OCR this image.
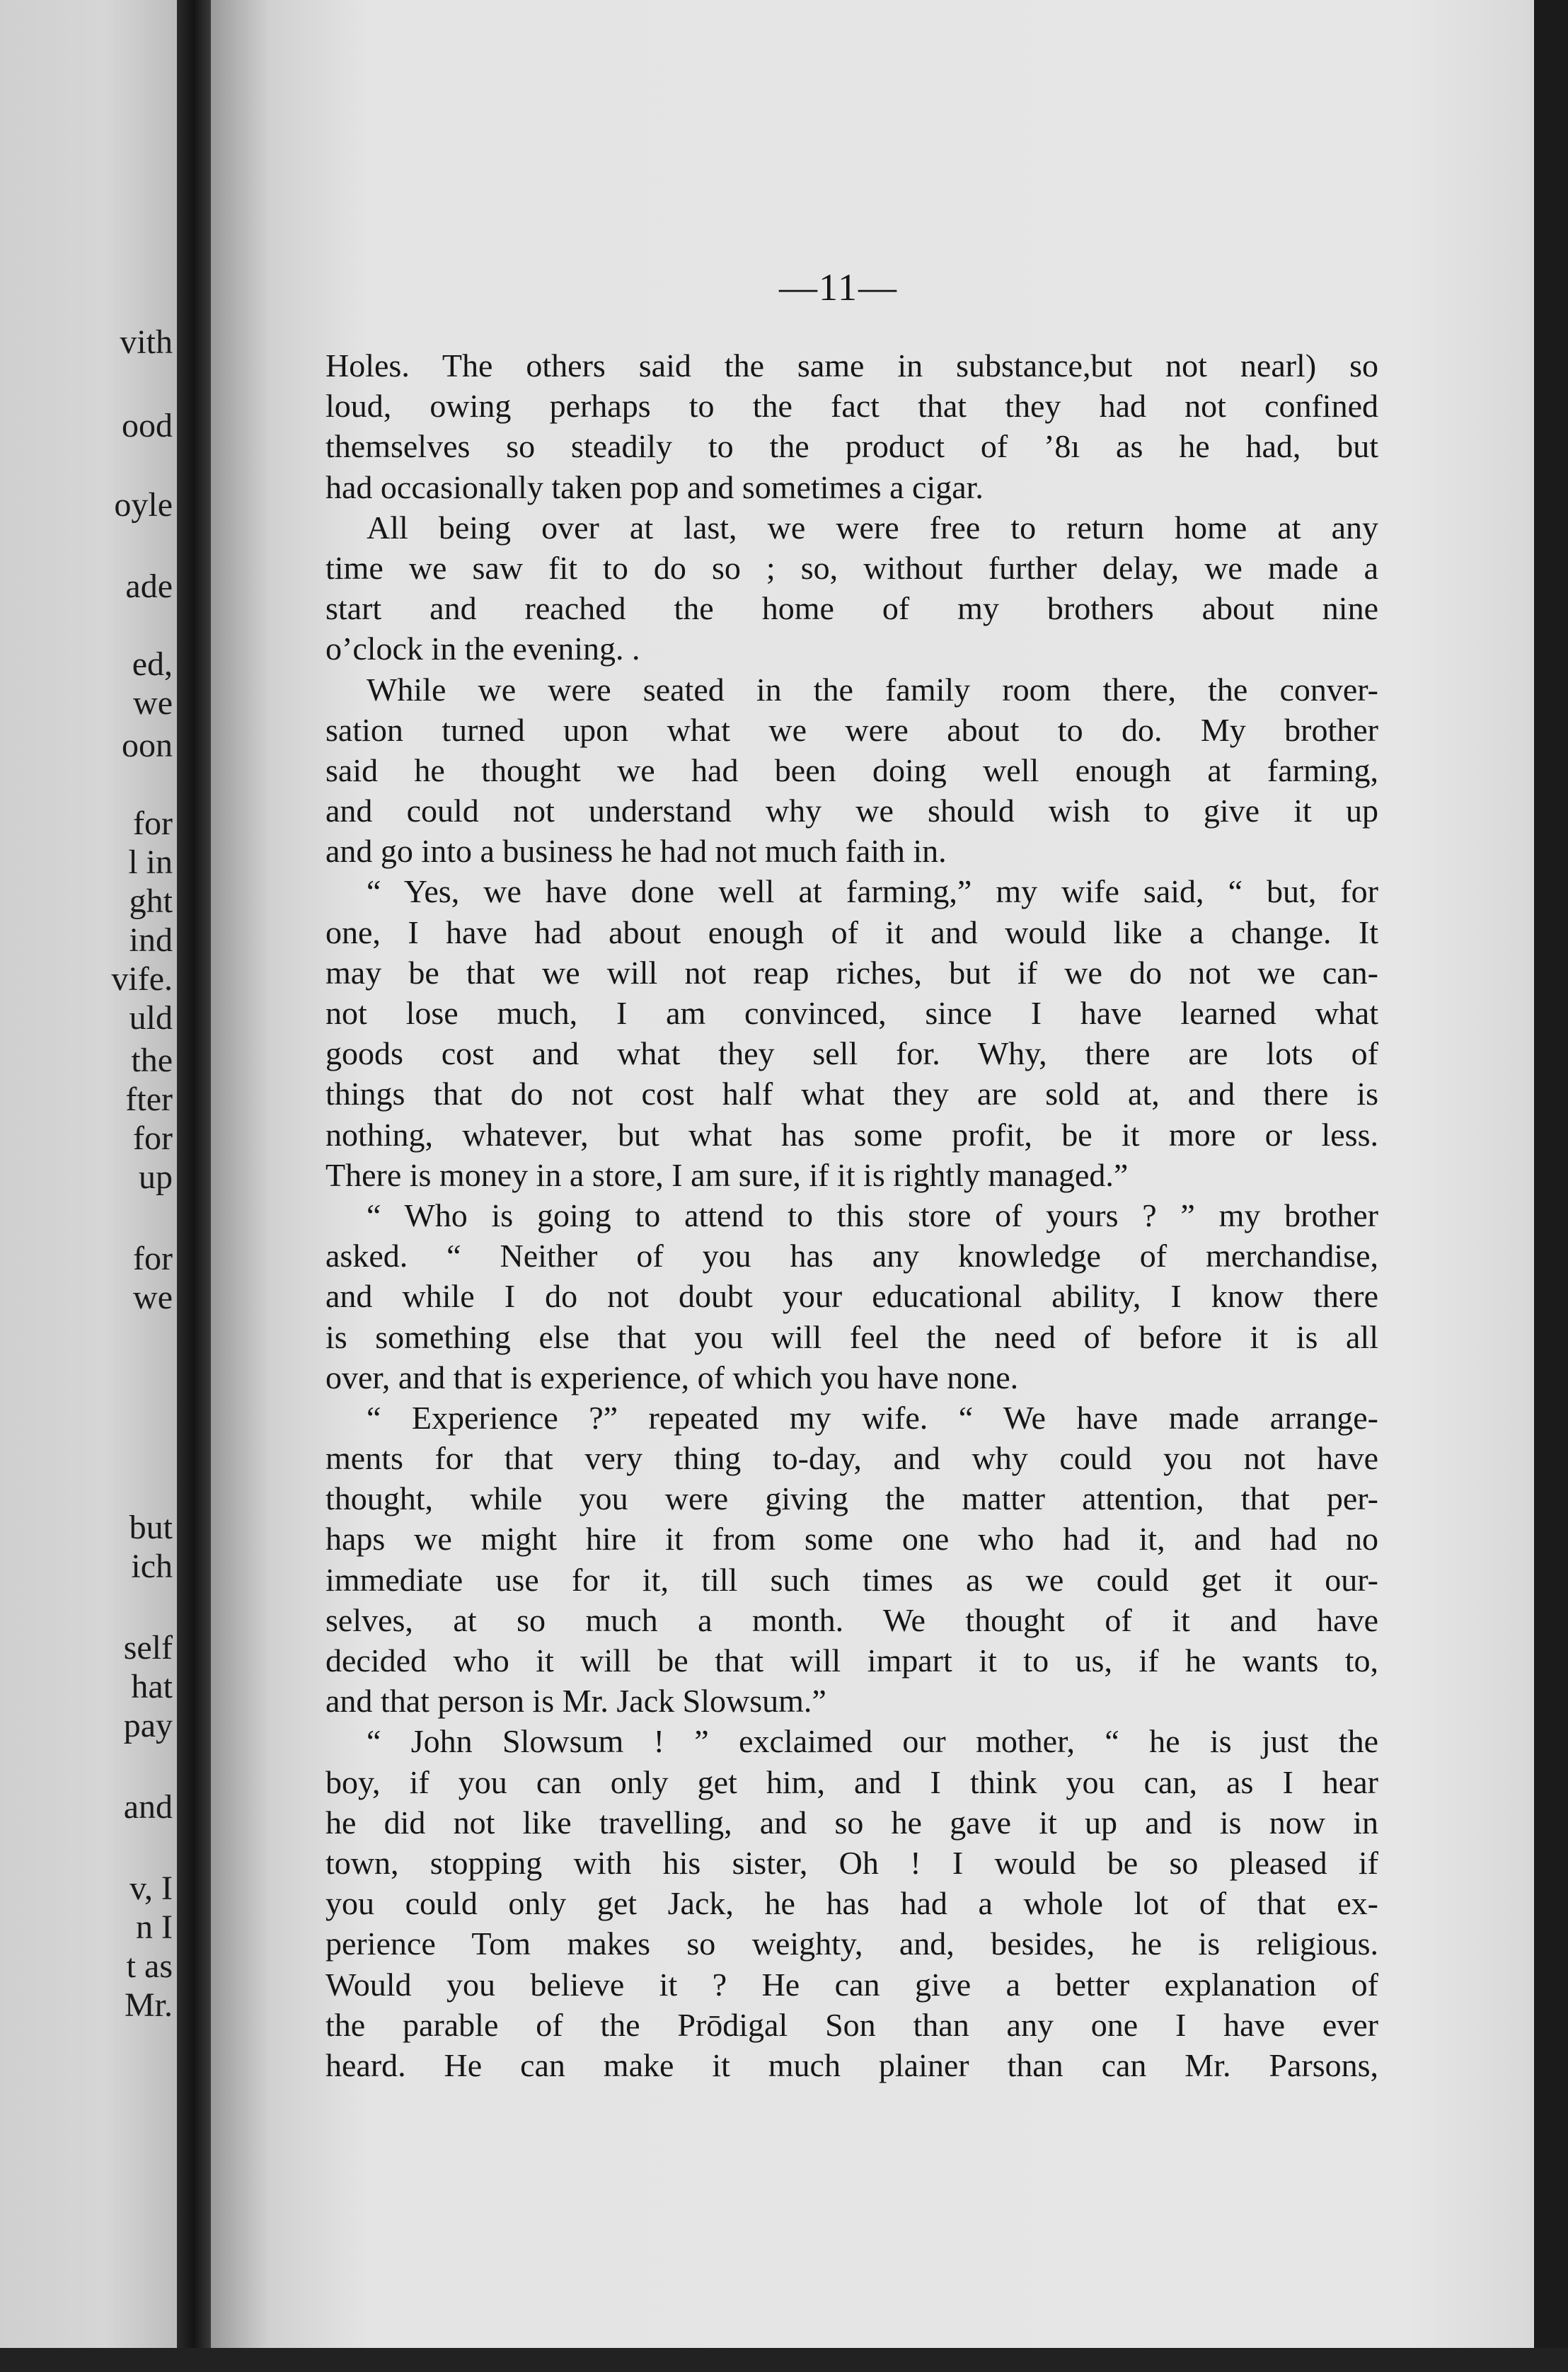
vith
ood
oyle
ade
ed,
we
oon
for
l in
ght
ind
vife.
uld
the
fter
for
up
for
we
but
ich
self
hat
pay
and
v, I
n I
t as
Mr.
—11—
Holes. The others said the same in substance,but not nearl) so
loud, owing perhaps to the fact that they had not confined
themselves so steadily to the product of ’8ı as he had, but
had occasionally taken pop and sometimes a cigar.
All being over at last, we were free to return home at any
time we saw fit to do so ; so, without further delay, we made a
start and reached the home of my brothers about nine
o’clock in the evening. .
While we were seated in the family room there, the conver-
sation turned upon what we were about to do. My brother
said he thought we had been doing well enough at farming,
and could not understand why we should wish to give it up
and go into a business he had not much faith in.
“ Yes, we have done well at farming,” my wife said, “ but, for
one, I have had about enough of it and would like a change. It
may be that we will not reap riches, but if we do not we can-
not lose much, I am convinced, since I have learned what
goods cost and what they sell for. Why, there are lots of
things that do not cost half what they are sold at, and there is
nothing, whatever, but what has some profit, be it more or less.
There is money in a store, I am sure, if it is rightly managed.”
“ Who is going to attend to this store of yours ? ” my brother
asked. “ Neither of you has any knowledge of merchandise,
and while I do not doubt your educational ability, I know there
is something else that you will feel the need of before it is all
over, and that is experience, of which you have none.
“ Experience ?” repeated my wife. “ We have made arrange-
ments for that very thing to-day, and why could you not have
thought, while you were giving the matter attention, that per-
haps we might hire it from some one who had it, and had no
immediate use for it, till such times as we could get it our-
selves, at so much a month. We thought of it and have
decided who it will be that will impart it to us, if he wants to,
and that person is Mr. Jack Slowsum.”
“ John Slowsum ! ” exclaimed our mother, “ he is just the
boy, if you can only get him, and I think you can, as I hear
he did not like travelling, and so he gave it up and is now in
town, stopping with his sister, Oh ! I would be so pleased if
you could only get Jack, he has had a whole lot of that ex-
perience Tom makes so weighty, and, besides, he is religious.
Would you believe it ? He can give a better explanation of
the parable of the Prōdigal Son than any one I have ever
heard. He can make it much plainer than can Mr. Parsons,
